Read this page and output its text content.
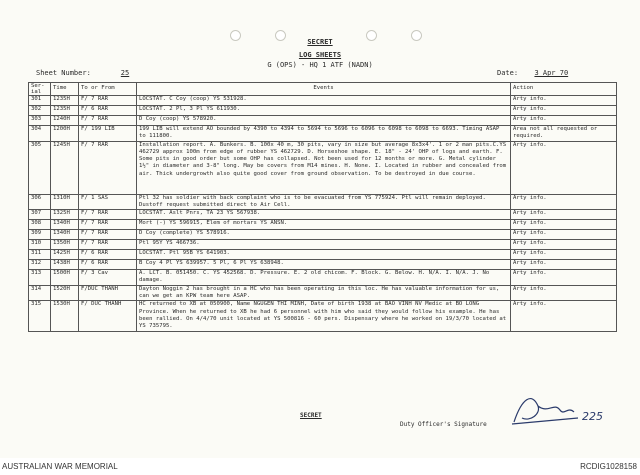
SECRET
LOG SHEETS
G (OPS) - HQ 1 ATF (NADN)
Sheet Number:	25	Date: 3 Apr 70
Ser-
ial	Time	To or From	Events	Action
301	1235H	F/ 7 RAR	LOCSTAT. C Coy (coop) YS 531928.	Arty info.
302	1235H	F/ 6 RAR	LOCSTAT. 2 Pl, 3 Pl YS 611930.	Arty info.
303	1240H	F/ 7 RAR	D Coy (coop) YS 578920.	Arty info.
304	1200H	F/ 199 LIB	199 LIB will extend AO bounded by 4390 to 4394 to 5694 to 5696 to 6096 to 6098 to 6098 to 6693. Timing ASAP to 111800.	Area not all requested or required.
305	1245H	F/ 7 RAR	Installation report. A. Bunkers. B. 100x 40 m, 30 pits, vary in size but average 8x3x4'. 1 or 2 man pits.C.YS 462729 approx 100m from edge of rubber YS 462729. D. Horseshoe shape. E. 18" - 24' OHP of logs and earth. F. Some pits in good order but some OHP has collapsed. Not been used for 12 months or more. G. Metal cylinder 1½" in diameter and 3-8" long. May be covers from M14 mines. H. None. I. Located in rubber and concealed from air. Thick undergrowth also quite good cover from ground observation. To be destroyed in due course.	Arty info.
306	1310H	F/ 1 SAS	Ptl 32 has soldier with back complaint who is to be evacuated from YS 775924. Ptl will remain deployed. Dustoff request submitted direct to Air Cell.	Arty info.
307	1325H	F/ 7 RAR	LOCSTAT. Aslt Pnrs, TA 23 YS 567938.	Arty info.
308	1340H	F/ 7 RAR	Mort (-) YS 596915, Elem of mortars YS ANSN.	Arty info.
309	1340H	F/ 7 RAR	D Coy (complete) YS 578916.	Arty info.
310	1350H	F/ 7 RAR	Ptl 95Y YS 466736.	Arty info.
311	1425H	F/ 6 RAR	LOCSTAT. Ptl 95B YS 641903.	Arty info.
312	1438H	F/ 6 RAR	B Coy 4 Pl YS 639957. 5 Pl, 6 Pl YS 638948.	Arty info.
313	1500H	F/ 3 Cav	A. LCT. B. 051450. C. YS 452568. D. Pressure. E. 2 old chicom. F. Block. G. Below. H. N/A. I. N/A. J. No damage.	Arty info.
314	1520H	F/DUC THANH	Dayton Noggin 2 has brought in a HC who has been operating in this loc. He has valuable information for us, can we get an KPW team here ASAP.	Arty info.
315	1530H	F/ DUC THANH	HC returned to XB at 050900, Name NGUGEN THI MINH, Date of birth 1938 at BAO VINH NV Medic at BO LONG Province. When he returned to XB he had 6 personnel with him who said they would follow his example. He has been rallied. On 4/4/70 unit located at YS 500816 - 60 pers. Dispensary where he worked on 19/3/70 located at YS 735795.	Arty info.
SECRET
Duty Officer's Signature
225
AUSTRALIAN WAR MEMORIAL	RCDIG1028158
